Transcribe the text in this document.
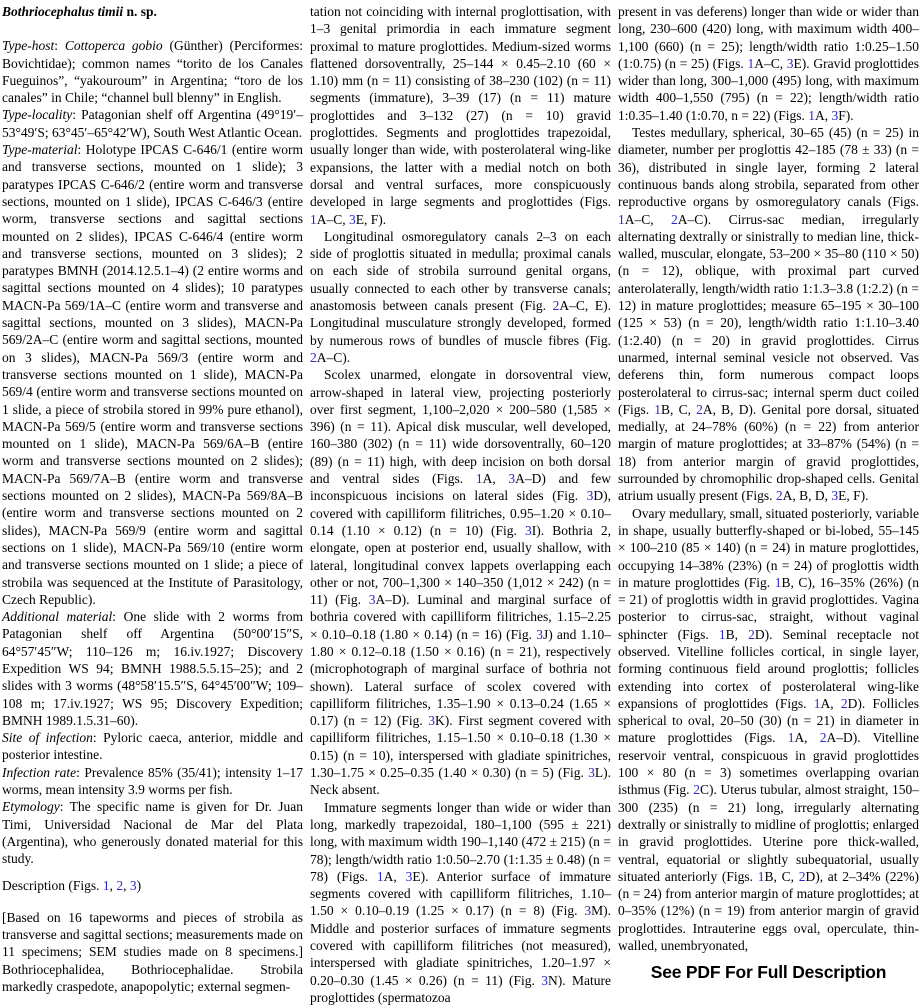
Bothriocephalus timii n. sp.

Type-host: Cottoperca gobio (Günther) (Perciformes: Bovichtidae); common names “torito de los Canales Fueguinos”, “yakouroum” in Argentina; “toro de los canales” in Chile; “channel bull blenny” in English.

Type-locality: Patagonian shelf off Argentina (49°19′–53°49′S; 63°45′–65°42′W), South West Atlantic Ocean.

Type-material: Holotype IPCAS C-646/1 (entire worm and transverse sections, mounted on 1 slide); 3 paratypes IPCAS C-646/2 (entire worm and transverse sections, mounted on 1 slide), IPCAS C-646/3 (entire worm, transverse sections and sagittal sections mounted on 2 slides), IPCAS C-646/4 (entire worm and transverse sections, mounted on 3 slides); 2 paratypes BMNH (2014.12.5.1–4) (2 entire worms and sagittal sections mounted on 4 slides); 10 paratypes MACN-Pa 569/1A–C (entire worm and transverse and sagittal sections, mounted on 3 slides), MACN-Pa 569/2A–C (entire worm and sagittal sections, mounted on 3 slides), MACN-Pa 569/3 (entire worm and transverse sections mounted on 1 slide), MACN-Pa 569/4 (entire worm and transverse sections mounted on 1 slide, a piece of strobila stored in 99% pure ethanol), MACN-Pa 569/5 (entire worm and transverse sections mounted on 1 slide), MACN-Pa 569/6A–B (entire worm and transverse sections mounted on 2 slides); MACN-Pa 569/7A–B (entire worm and transverse sections mounted on 2 slides), MACN-Pa 569/8A–B (entire worm and transverse sections mounted on 2 slides), MACN-Pa 569/9 (entire worm and sagittal sections on 1 slide), MACN-Pa 569/10 (entire worm and transverse sections mounted on 1 slide; a piece of strobila was sequenced at the Institute of Parasitology, Czech Republic).

Additional material: One slide with 2 worms from Patagonian shelf off Argentina (50°00′15″S, 64°57′45″W; 110–126 m; 16.iv.1927; Discovery Expedition WS 94; BMNH 1988.5.5.15–25); and 2 slides with 3 worms (48°58′15.5″S, 64°45′00″W; 109–108 m; 17.iv.1927; WS 95; Discovery Expedition; BMNH 1989.1.5.31–60).

Site of infection: Pyloric caeca, anterior, middle and posterior intestine.

Infection rate: Prevalence 85% (35/41); intensity 1–17 worms, mean intensity 3.9 worms per fish.

Etymology: The specific name is given for Dr. Juan Timi, Universidad Nacional de Mar del Plata (Argentina), who generously donated material for this study.

Description (Figs. 1, 2, 3)

[Based on 16 tapeworms and pieces of strobila as transverse and sagittal sections; measurements made on 11 specimens; SEM studies made on 8 specimens.] Bothriocephalidea, Bothriocephalidae. Strobila markedly craspedote, anapopolytic; external segmen-

tation not coinciding with internal proglottisation, with 1–3 genital primordia in each immature segment proximal to mature proglottides. Medium-sized worms flattened dorsoventrally, 25–144 × 0.45–2.10 (60 × 1.10) mm (n = 11) consisting of 38–230 (102) (n = 11) segments (immature), 3–39 (17) (n = 11) mature proglottides and 3–132 (27) (n = 10) gravid proglottides. Segments and proglottides trapezoidal, usually longer than wide, with posterolateral wing-like expansions, the latter with a medial notch on both dorsal and ventral surfaces, more conspicuously developed in large segments and proglottides (Figs. 1A–C, 3E, F).

Longitudinal osmoregulatory canals 2–3 on each side of proglottis situated in medulla; proximal canals on each side of strobila surround genital organs, usually connected to each other by transverse canals; anastomosis between canals present (Fig. 2A–C, E). Longitudinal musculature strongly developed, formed by numerous rows of bundles of muscle fibres (Fig. 2A–C).

Scolex unarmed, elongate in dorsoventral view, arrow-shaped in lateral view, projecting posteriorly over first segment, 1,100–2,020 × 200–580 (1,585 × 396) (n = 11). Apical disk muscular, well developed, 160–380 (302) (n = 11) wide dorsoventrally, 60–120 (89) (n = 11) high, with deep incision on both dorsal and ventral sides (Figs. 1A, 3A–D) and few inconspicuous incisions on lateral sides (Fig. 3D), covered with capilliform filitriches, 0.95–1.20 × 0.10–0.14 (1.10 × 0.12) (n = 10) (Fig. 3I). Bothria 2, elongate, open at posterior end, usually shallow, with lateral, longitudinal convex lappets overlapping each other or not, 700–1,300 × 140–350 (1,012 × 242) (n = 11) (Fig. 3A–D). Luminal and marginal surface of bothria covered with capilliform filitriches, 1.15–2.25 × 0.10–0.18 (1.80 × 0.14) (n = 16) (Fig. 3J) and 1.10–1.80 × 0.12–0.18 (1.50 × 0.16) (n = 21), respectively (microphotograph of marginal surface of bothria not shown). Lateral surface of scolex covered with capilliform filitriches, 1.35–1.90 × 0.13–0.24 (1.65 × 0.17) (n = 12) (Fig. 3K). First segment covered with capilliform filitriches, 1.15–1.50 × 0.10–0.18 (1.30 × 0.15) (n = 10), interspersed with gladiate spinitriches, 1.30–1.75 × 0.25–0.35 (1.40 × 0.30) (n = 5) (Fig. 3L). Neck absent.

Immature segments longer than wide or wider than long, markedly trapezoidal, 180–1,100 (595 ± 221) long, with maximum width 190–1,140 (472 ± 215) (n = 78); length/width ratio 1:0.50–2.70 (1:1.35 ± 0.48) (n = 78) (Figs. 1A, 3E). Anterior surface of immature segments covered with capilliform filitriches, 1.10–1.50 × 0.10–0.19 (1.25 × 0.17) (n = 8) (Fig. 3M). Middle and posterior surfaces of immature segments covered with capilliform filitriches (not measured), interspersed with gladiate spinitriches, 1.20–1.97 × 0.20–0.30 (1.45 × 0.26) (n = 11) (Fig. 3N). Mature proglottides (spermatozoa

present in vas deferens) longer than wide or wider than long, 230–600 (420) long, with maximum width 400–1,100 (660) (n = 25); length/width ratio 1:0.25–1.50 (1:0.75) (n = 25) (Figs. 1A–C, 3E). Gravid proglottides wider than long, 300–1,000 (495) long, with maximum width 400–1,550 (795) (n = 22); length/width ratio 1:0.35–1.40 (1:0.70, n = 22) (Figs. 1A, 3F).

Testes medullary, spherical, 30–65 (45) (n = 25) in diameter, number per proglottis 42–185 (78 ± 33) (n = 36), distributed in single layer, forming 2 lateral continuous bands along strobila, separated from other reproductive organs by osmoregulatory canals (Figs. 1A–C, 2A–C). Cirrus-sac median, irregularly alternating dextrally or sinistrally to median line, thick-walled, muscular, elongate, 53–200 × 35–80 (110 × 50) (n = 12), oblique, with proximal part curved anterolaterally, length/width ratio 1:1.3–3.8 (1:2.2) (n = 12) in mature proglottides; measure 65–195 × 30–100 (125 × 53) (n = 20), length/width ratio 1:1.10–3.40 (1:2.40) (n = 20) in gravid proglottides. Cirrus unarmed, internal seminal vesicle not observed. Vas deferens thin, form numerous compact loops posterolateral to cirrus-sac; internal sperm duct coiled (Figs. 1B, C, 2A, B, D). Genital pore dorsal, situated medially, at 24–78% (60%) (n = 22) from anterior margin of mature proglottides; at 33–87% (54%) (n = 18) from anterior margin of gravid proglottides, surrounded by chromophilic drop-shaped cells. Genital atrium usually present (Figs. 2A, B, D, 3E, F).

Ovary medullary, small, situated posteriorly, variable in shape, usually butterfly-shaped or bi-lobed, 55–145 × 100–210 (85 × 140) (n = 24) in mature proglottides, occupying 14–38% (23%) (n = 24) of proglottis width in mature proglottides (Fig. 1B, C), 16–35% (26%) (n = 21) of proglottis width in gravid proglottides. Vagina posterior to cirrus-sac, straight, without vaginal sphincter (Figs. 1B, 2D). Seminal receptacle not observed. Vitelline follicles cortical, in single layer, forming continuous field around proglottis; follicles extending into cortex of posterolateral wing-like expansions of proglottides (Figs. 1A, 2D). Follicles spherical to oval, 20–50 (30) (n = 21) in diameter in mature proglottides (Figs. 1A, 2A–D). Vitelline reservoir ventral, conspicuous in gravid proglottides 100 × 80 (n = 3) sometimes overlapping ovarian isthmus (Fig. 2C). Uterus tubular, almost straight, 150–300 (235) (n = 21) long, irregularly alternating dextrally or sinistrally to midline of proglottis; enlarged in gravid proglottides. Uterine pore thick-walled, ventral, equatorial or slightly subequatorial, usually situated anteriorly (Figs. 1B, C, 2D), at 2–34% (22%) (n = 24) from anterior margin of mature proglottides; at 0–35% (12%) (n = 19) from anterior margin of gravid proglottides. Intrauterine eggs oval, operculate, thin-walled, unembryonated,

See PDF For Full Description
